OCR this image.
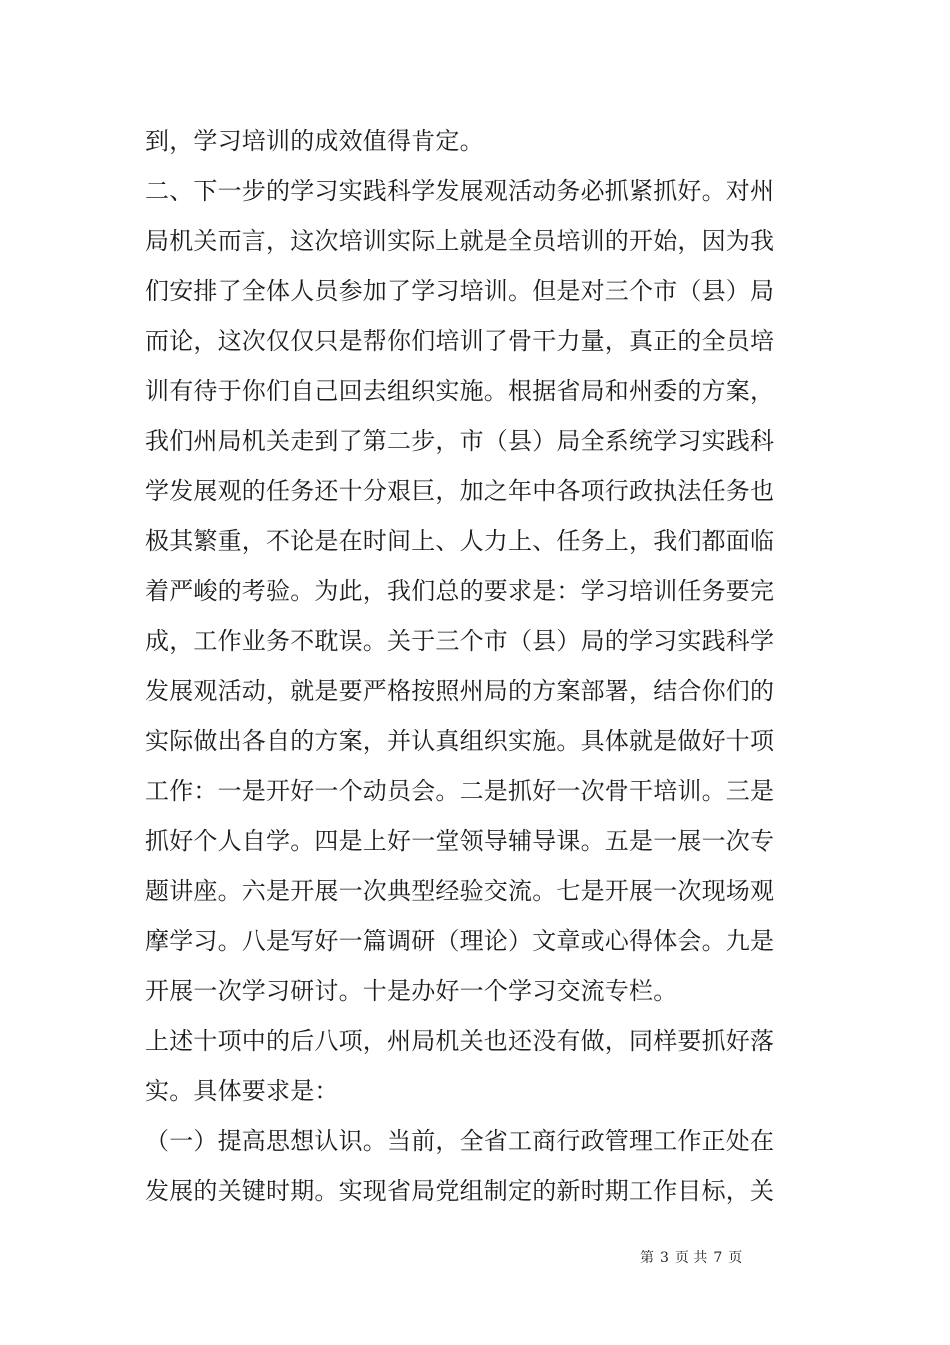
到，学习培训的成效值得肯定。
二、下一步的学习实践科学发展观活动务必抓紧抓好。对州
局机关而言，这次培训实际上就是全员培训的开始，因为我
们安排了全体人员参加了学习培训。但是对三个市（县）局
而论，这次仅仅只是帮你们培训了骨干力量，真正的全员培
训有待于你们自己回去组织实施。根据省局和州委的方案，
我们州局机关走到了第二步，市（县）局全系统学习实践科
学发展观的任务还十分艰巨，加之年中各项行政执法任务也
极其繁重，不论是在时间上、人力上、任务上，我们都面临
着严峻的考验。为此，我们总的要求是：学习培训任务要完
成，工作业务不耽误。关于三个市（县）局的学习实践科学
发展观活动，就是要严格按照州局的方案部署，结合你们的
实际做出各自的方案，并认真组织实施。具体就是做好十项
工作：一是开好一个动员会。二是抓好一次骨干培训。三是
抓好个人自学。四是上好一堂领导辅导课。五是一展一次专
题讲座。六是开展一次典型经验交流。七是开展一次现场观
摩学习。八是写好一篇调研（理论）文章或心得体会。九是
开展一次学习研讨。十是办好一个学习交流专栏。
上述十项中的后八项，州局机关也还没有做，同样要抓好落
实。具体要求是：
（一）提高思想认识。当前，全省工商行政管理工作正处在
发展的关键时期。实现省局党组制定的新时期工作目标，关
第 3 页 共 7 页
